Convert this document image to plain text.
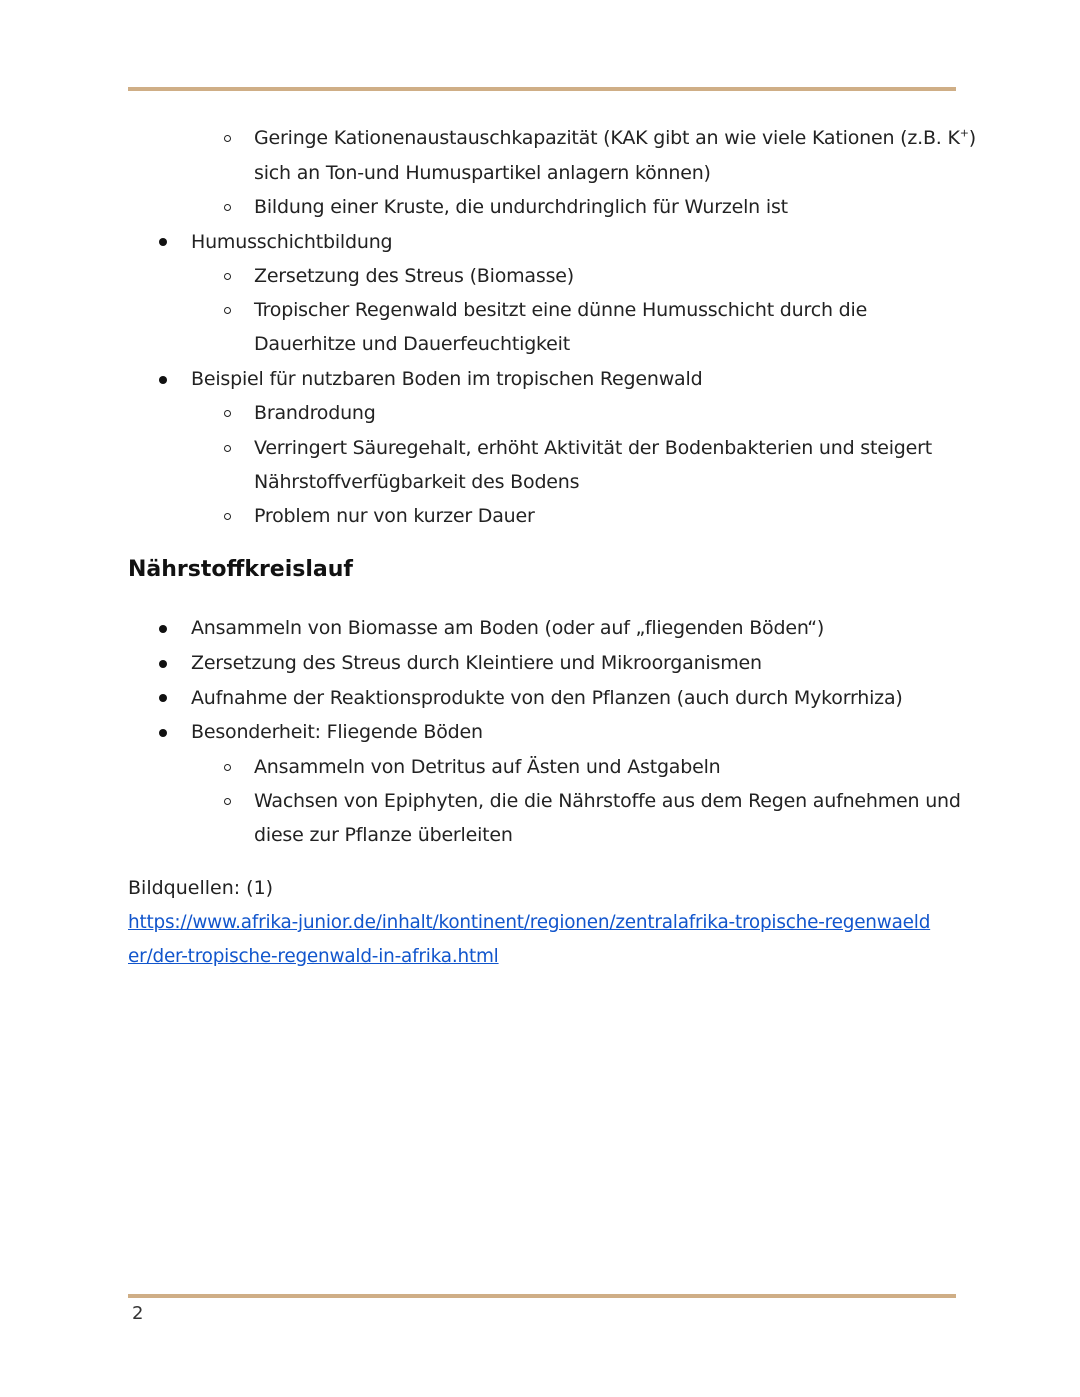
Geringe Kationenaustauschkapazität (KAK gibt an wie viele Kationen (z.B. K+)
sich an Ton-und Humuspartikel anlagern können)
Bildung einer Kruste, die undurchdringlich für Wurzeln ist
Humusschichtbildung
Zersetzung des Streus (Biomasse)
Tropischer Regenwald besitzt eine dünne Humusschicht durch die
Dauerhitze und Dauerfeuchtigkeit
Beispiel für nutzbaren Boden im tropischen Regenwald
Brandrodung
Verringert Säuregehalt, erhöht Aktivität der Bodenbakterien und steigert
Nährstoffverfügbarkeit des Bodens
Problem nur von kurzer Dauer
Nährstoffkreislauf
Ansammeln von Biomasse am Boden (oder auf „fliegenden Böden“)
Zersetzung des Streus durch Kleintiere und Mikroorganismen
Aufnahme der Reaktionsprodukte von den Pflanzen (auch durch Mykorrhiza)
Besonderheit: Fliegende Böden
Ansammeln von Detritus auf Ästen und Astgabeln
Wachsen von Epiphyten, die die Nährstoffe aus dem Regen aufnehmen und
diese zur Pflanze überleiten
Bildquellen: (1)
https://www.afrika-junior.de/inhalt/kontinent/regionen/zentralafrika-tropische-regenwaeld
er/der-tropische-regenwald-in-afrika.html
2
